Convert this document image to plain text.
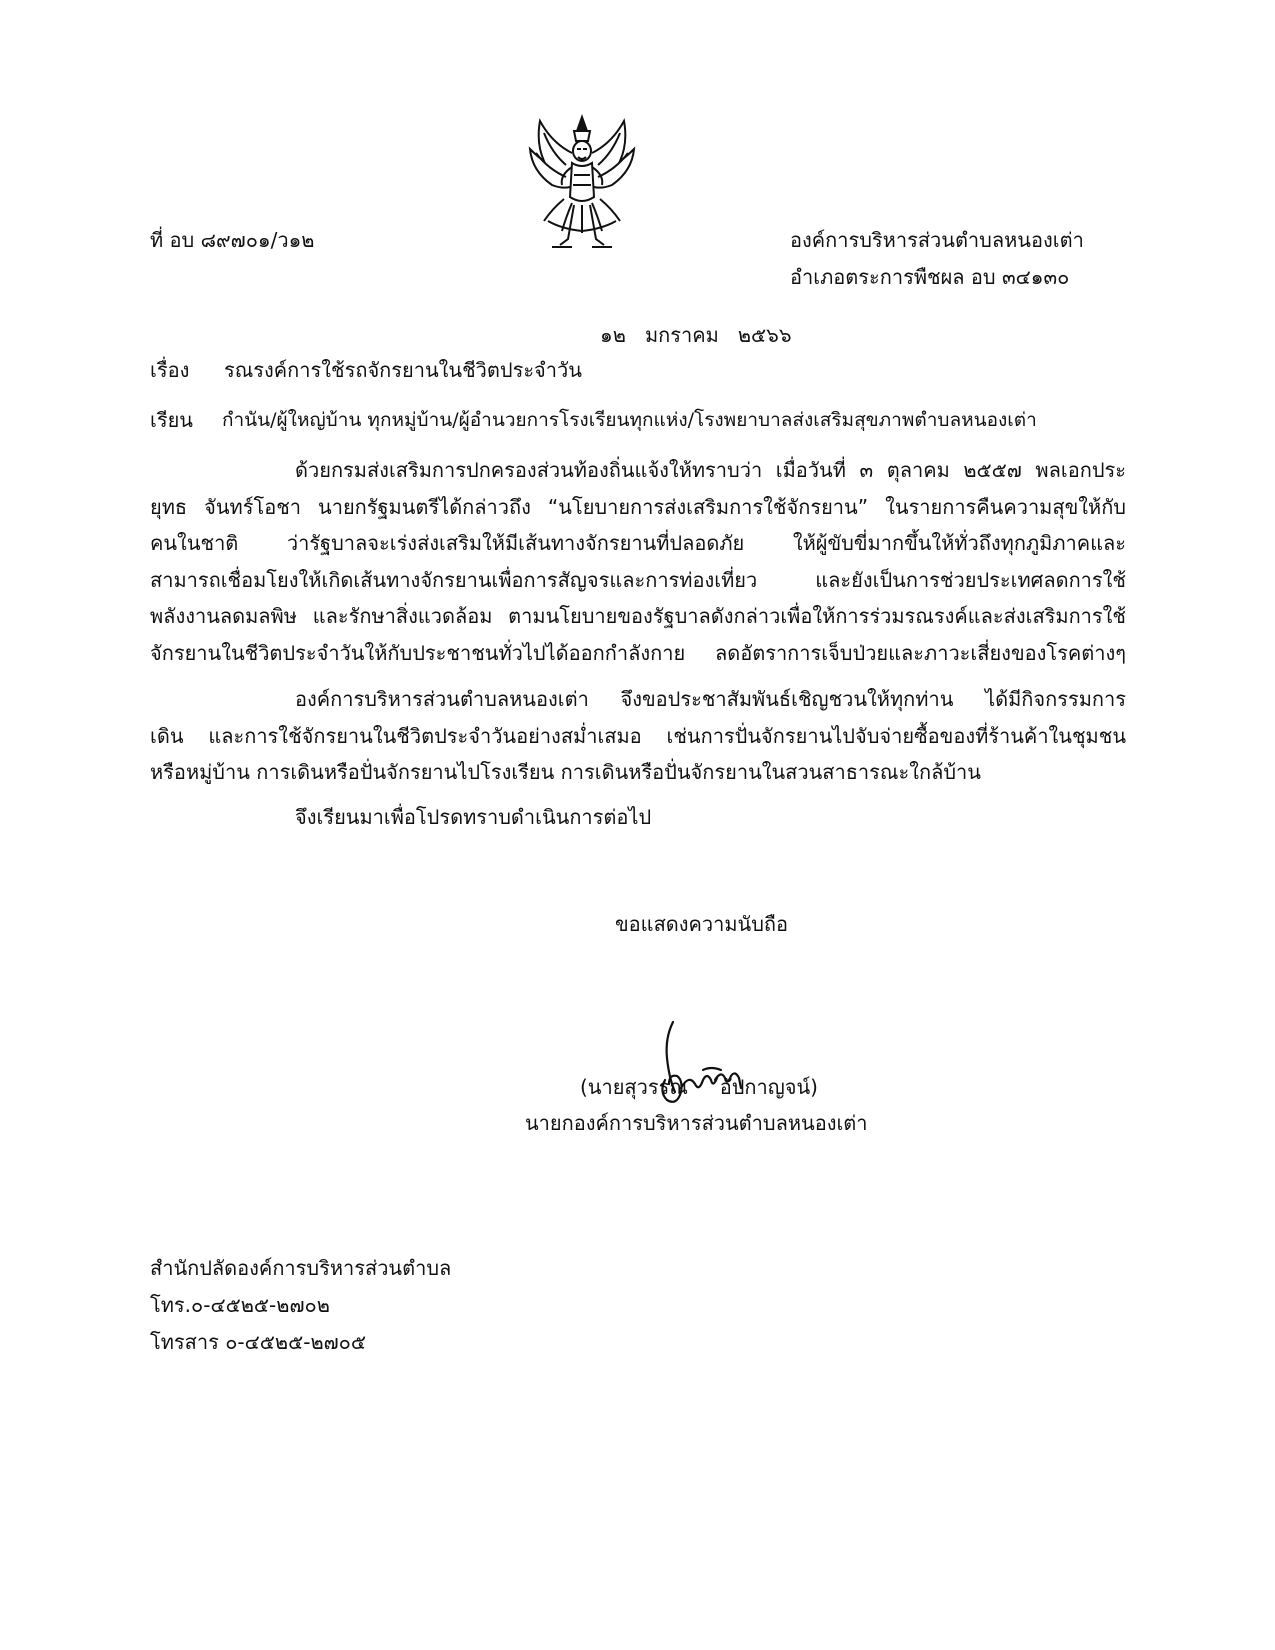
ที่ อบ ๘๙๗๐๑/ว๑๒	องค์การบริหารส่วนตำบลหนองเต่า
อำเภอตระการพืชผล อบ ๓๔๑๓๐
๑๒   มกราคม   ๒๕๖๖
เรื่อง รณรงค์การใช้รถจักรยานในชีวิตประจำวัน
เรียน กำนัน/ผู้ใหญ่บ้าน ทุกหมู่บ้าน/ผู้อำนวยการโรงเรียนทุกแห่ง/โรงพยาบาลส่งเสริมสุขภาพตำบลหนองเต่า
ด้วยกรมส่งเสริมการปกครองส่วนท้องถิ่นแจ้งให้ทราบว่า เมื่อวันที่ ๓ ตุลาคม ๒๕๕๗ พลเอกประ
ยุทธ จันทร์โอชา นายกรัฐมนตรีได้กล่าวถึง “นโยบายการส่งเสริมการใช้จักรยาน” ในรายการคืนความสุขให้กับ
คนในชาติ ว่ารัฐบาลจะเร่งส่งเสริมให้มีเส้นทางจักรยานที่ปลอดภัย ให้ผู้ขับขี่มากขึ้นให้ทั่วถึงทุกภูมิภาคและ
สามารถเชื่อมโยงให้เกิดเส้นทางจักรยานเพื่อการสัญจรและการท่องเที่ยว และยังเป็นการช่วยประเทศลดการใช้
พลังงานลดมลพิษ และรักษาสิ่งแวดล้อม ตามนโยบายของรัฐบาลดังกล่าวเพื่อให้การร่วมรณรงค์และส่งเสริมการใช้
จักรยานในชีวิตประจำวันให้กับประชาชนทั่วไปได้ออกกำลังกาย ลดอัตราการเจ็บป่วยและภาวะเสี่ยงของโรคต่างๆ
องค์การบริหารส่วนตำบลหนองเต่า จึงขอประชาสัมพันธ์เชิญชวนให้ทุกท่าน ได้มีกิจกรรมการ
เดิน และการใช้จักรยานในชีวิตประจำวันอย่างสม่ำเสมอ เช่นการปั่นจักรยานไปจับจ่ายซื้อของที่ร้านค้าในชุมชน
หรือหมู่บ้าน การเดินหรือปั่นจักรยานไปโรงเรียน การเดินหรือปั่นจักรยานในสวนสาธารณะใกล้บ้าน
จึงเรียนมาเพื่อโปรดทราบดำเนินการต่อไป
ขอแสดงความนับถือ
(นายสุวรรณ     อัปกาญจน์)
นายกองค์การบริหารส่วนตำบลหนองเต่า
สำนักปลัดองค์การบริหารส่วนตำบล
โทร.๐-๔๕๒๕-๒๗๐๒
โทรสาร ๐-๔๕๒๕-๒๗๐๕
